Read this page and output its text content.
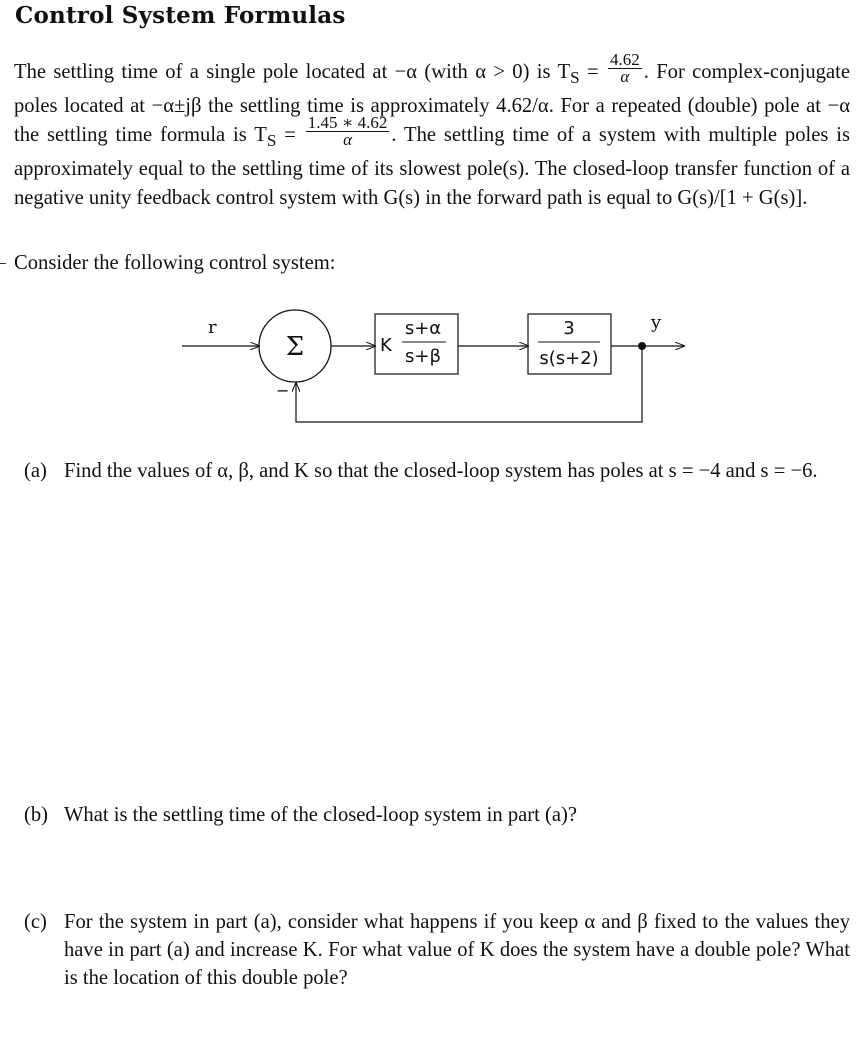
Control System Formulas
The settling time of a single pole located at −α (with α > 0) is $T_S = \frac{4.62}{\alpha}$ . For complex-conjugate poles located at −α±jβ the settling time is approximately 4.62/α. For a repeated (double) pole at −α the settling time formula is $T_S = \frac{1.45 ∗ 4.62}{\alpha}$ . The settling time of a system with multiple poles is approximately equal to the settling time of its slowest pole(s). The closed-loop transfer function of a negative unity feedback control system with G(s) in the forward path is equal to G(s)/[1 + G(s)].
Consider the following control system:
r
Σ
−
K
s+α
s+β
3
s(s+2)
y
(a) Find the values of α, β, and K so that the closed-loop system has poles at s = −4 and s = −6.
(b) What is the settling time of the closed-loop system in part (a)?
(c) For the system in part (a), consider what happens if you keep α and β fixed to the values they have in part (a) and increase K. For what value of K does the system have a double pole? What is the location of this double pole?
